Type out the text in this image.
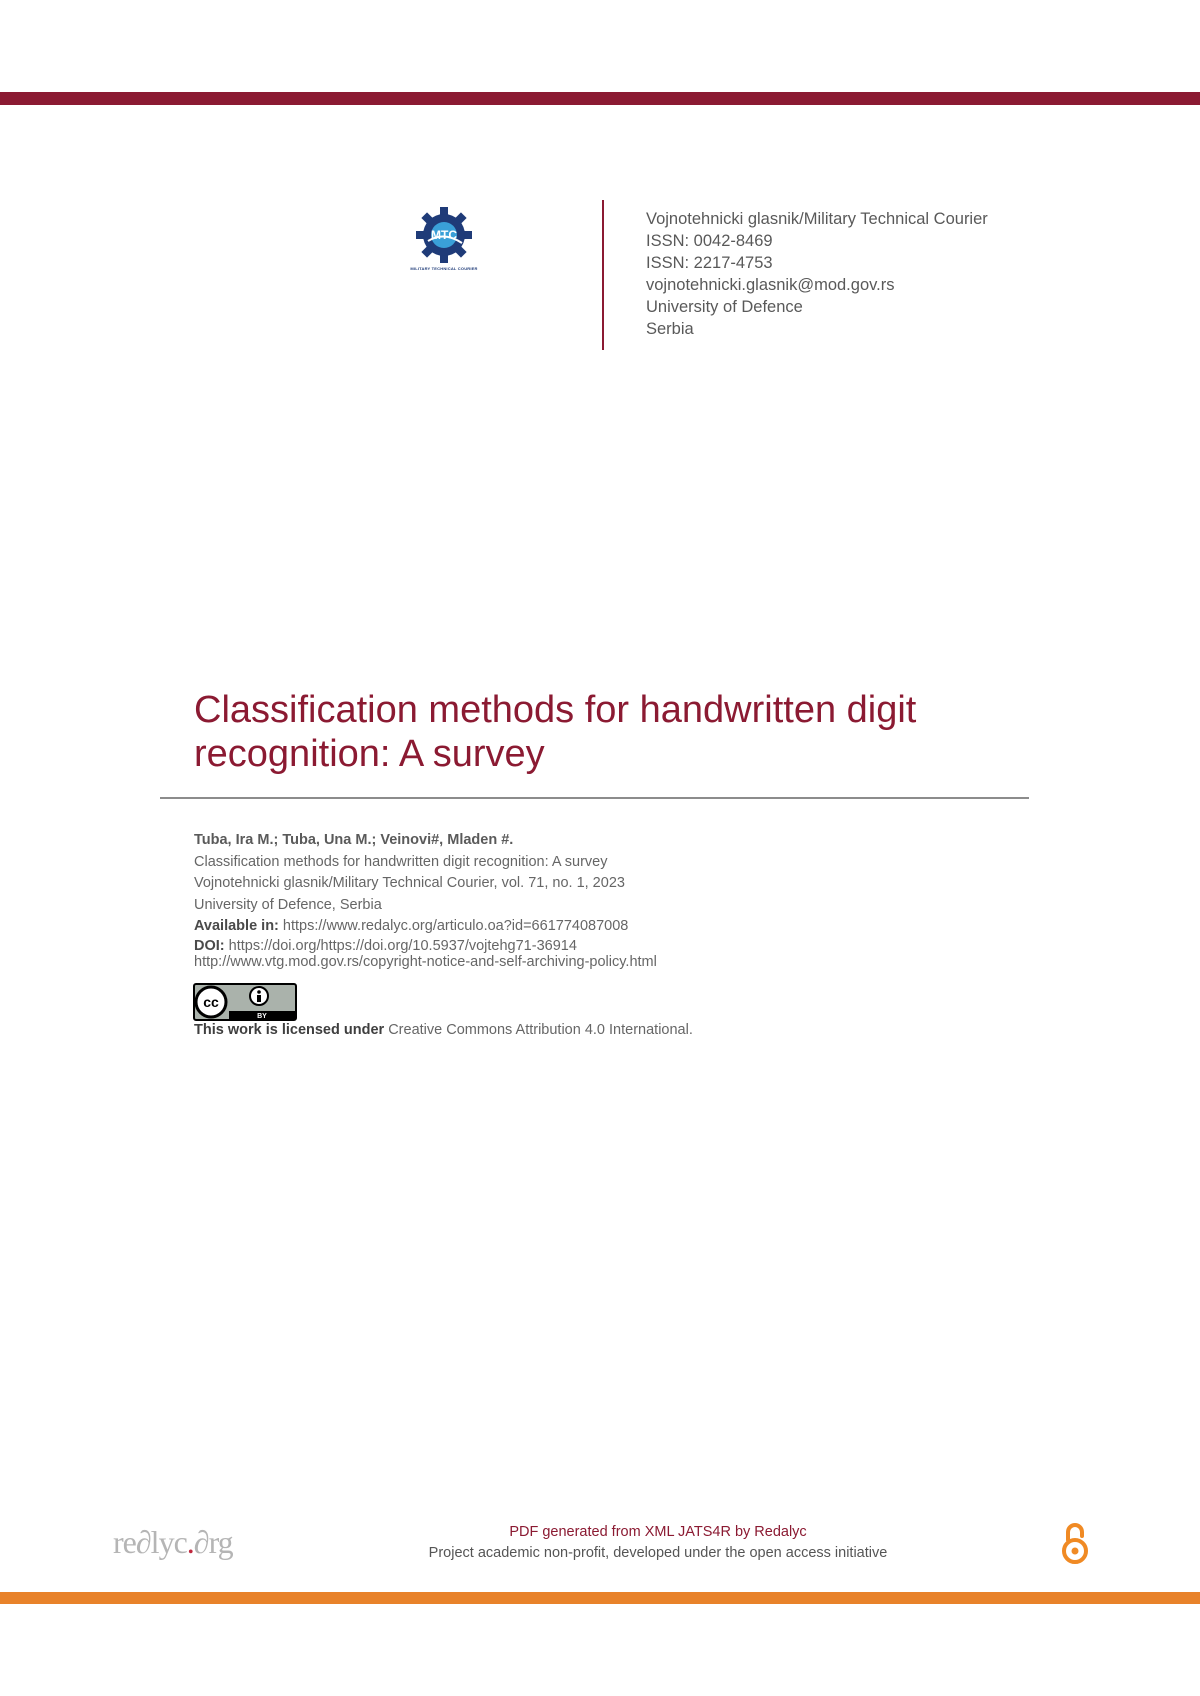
MTC
MILITARY TECHNICAL COURIER
Vojnotehnicki glasnik/Military Technical Courier
ISSN: 0042-8469
ISSN: 2217-4753
vojnotehnicki.glasnik@mod.gov.rs
University of Defence
Serbia
Classification methods for handwritten digit recognition: A survey
Tuba, Ira M.; Tuba, Una M.; Veinovi#, Mladen #.
Classification methods for handwritten digit recognition: A survey
Vojnotehnicki glasnik/Military Technical Courier, vol. 71, no. 1, 2023
University of Defence, Serbia
Available in: https://www.redalyc.org/articulo.oa?id=661774087008
DOI: https://doi.org/https://doi.org/10.5937/vojtehg71-36914
http://www.vtg.mod.gov.rs/copyright-notice-and-self-archiving-policy.html
cc
BY
This work is licensed under Creative Commons Attribution 4.0 International.
re∂lyc.∂rg	PDF generated from XML JATS4R by Redalyc
Project academic non-profit, developed under the open access initiative
